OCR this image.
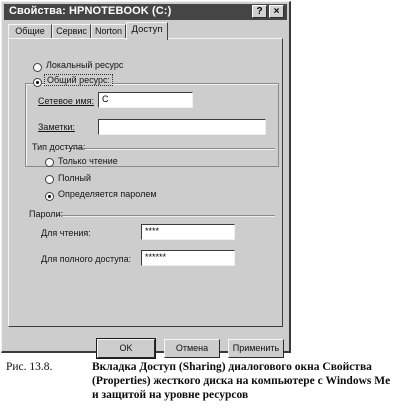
Свойства: HPNOTEBOOK (C:)	?	×
Общие	Сервис Norton	Доступ
Локальный ресурс
Общий ресурс:
Сетевое имя: C
Заметки:
Тип доступа:
Только чтение
Полный
Определяется паролем
Пароли:
Для чтения:	****
Для полного доступа:	******
OK	Отмена	Применить
Рис. 13.8.	Вкладка Доступ (Sharing) диалогового окна Свойства (Properties) жесткого диска на компьютере с Windows Me и защитой на уровне ресурсов
